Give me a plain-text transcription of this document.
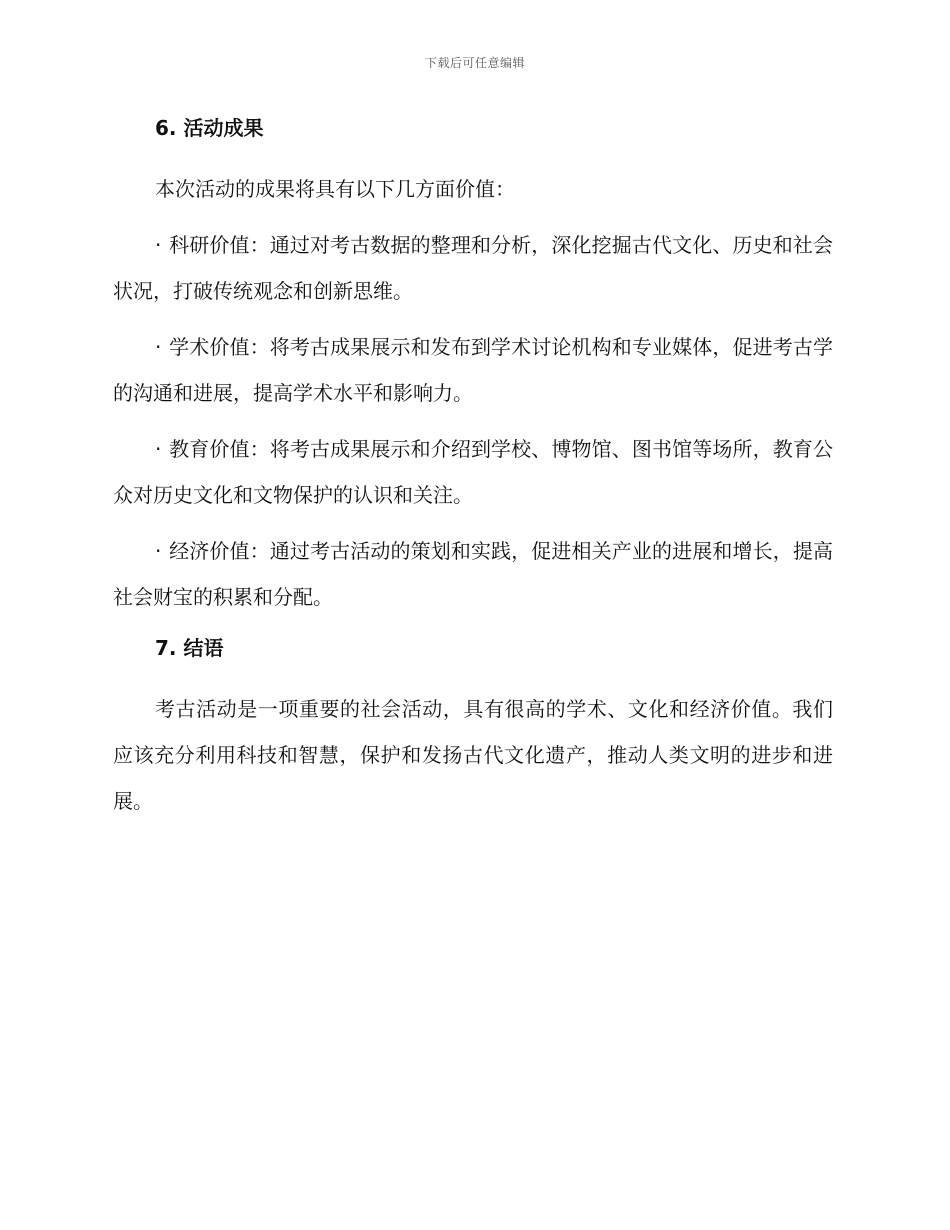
下载后可任意编辑
6. 活动成果

本次活动的成果将具有以下几方面价值：

· 科研价值：通过对考古数据的整理和分析，深化挖掘古代文化、历史和社会状况，打破传统观念和创新思维。

· 学术价值：将考古成果展示和发布到学术讨论机构和专业媒体，促进考古学的沟通和进展，提高学术水平和影响力。

· 教育价值：将考古成果展示和介绍到学校、博物馆、图书馆等场所，教育公众对历史文化和文物保护的认识和关注。

· 经济价值：通过考古活动的策划和实践，促进相关产业的进展和增长，提高社会财宝的积累和分配。

7. 结语

考古活动是一项重要的社会活动，具有很高的学术、文化和经济价值。我们应该充分利用科技和智慧，保护和发扬古代文化遗产，推动人类文明的进步和进展。
